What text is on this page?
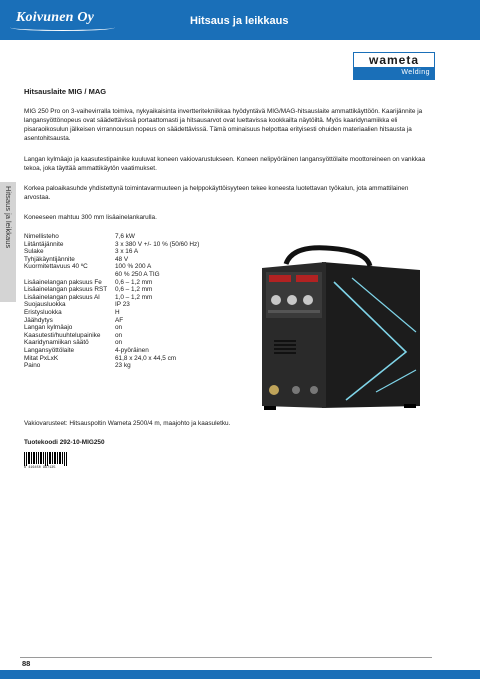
Koivunen Oy	Hitsaus ja leikkaus
wameta
Welding
Hitsaus ja leikkaus
Hitsauslaite MIG / MAG

MIG 250 Pro on 3-vaihevirralla toimiva, nykyaikaisinta invertteritekniikkaa hyödyntävä MIG/MAG-hitsauslaite ammattikäyttöön. Kaarijännite ja langansyöttönopeus ovat säädettävissä portaattomasti ja hitsausarvot ovat luettavissa kookkailta näytöiltä. Myös kaaridynamiikka eli pisaraoikosulun jälkeisen virrannousun nopeus on säädettävissä. Tämä ominaisuus helpottaa erityisesti ohuiden materiaalien hitsausta ja asentohitsausta.

Langan kylmäajo ja kaasutestipainike kuuluvat koneen vakiovarustukseen. Koneen nelipyöräinen langansyöttölaite moottoreineen on vankkaa tekoa, joka täyttää ammattikäytön vaatimukset.

Korkea paloaikasuhde yhdistettynä toimintavarmuuteen ja helppokäyttöisyyteen tekee koneesta luotettavan työkalun, jota ammattilainen arvostaa.

Koneeseen mahtuu 300 mm lisäainelankarulla.

Nimellisteho	7,6 kW
Liitäntäjännite	3 x 380 V +/- 10 % (50/60 Hz)
Sulake	3 x 16 A
Tyhjäkäyntijännite	48 V
Kuormitettavuus 40 ºC	100 % 200 A
	60 % 250 A TIG
Lisäainelangan paksuus Fe	0,6 – 1,2 mm
Lisäainelangan paksuus RST	0,6 – 1,2 mm
Lisäainelangan paksuus Al	1,0 – 1,2 mm
Suojausluokka	IP 23
Eristysluokka	H
Jäähdytys	AF
Langan kylmäajo	on
Kaasutesti/huuhtelupainike	on
Kaaridynamiikan säätö	on
Langansyöttölaite	4-pyöräinen
Mitat PxLxK	61,8 x 24,0 x 44,5 cm
Paino	23 kg
Vakiovarusteet: Hitsauspoltin Wameta 2500/4 m, maajohto ja kaasuletku.
Tuotekoodi 292-10-MIG250
6 416450 997135
88
